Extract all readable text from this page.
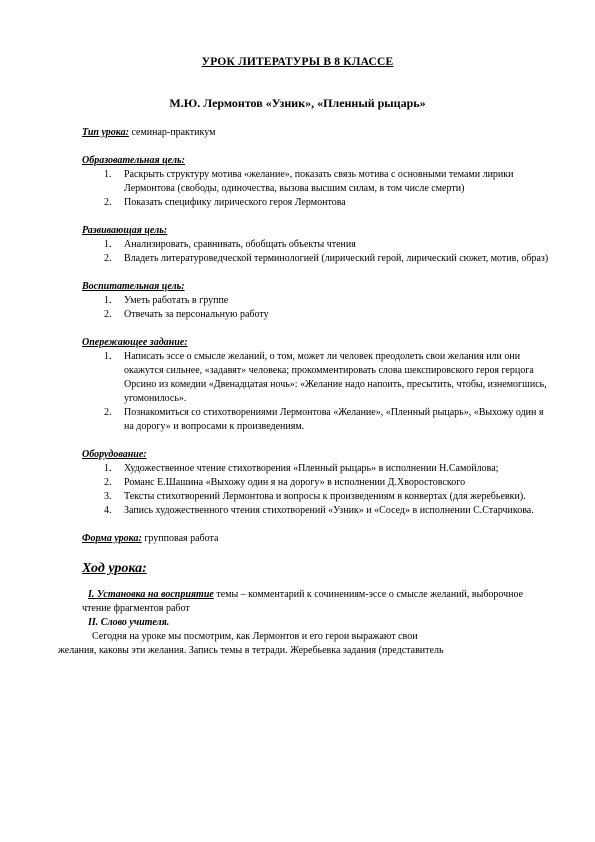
УРОК ЛИТЕРАТУРЫ В 8 КЛАССЕ
М.Ю. Лермонтов «Узник», «Пленный рыцарь»

Тип урока: семинар-практикум

Образовательная цель:

1. Раскрыть структуру мотива «желание», показать связь мотива с основными темами лирики Лермонтова (свободы, одиночества, вызова высшим силам, в том числе смерти)
2. Показать специфику лирического героя Лермонтова

Развивающая цель:

1. Анализировать, сравнивать, обобщать объекты чтения
2. Владеть литературоведческой терминологией (лирический герой, лирический сюжет, мотив, образ)

Воспитательная цель:

1. Уметь работать в группе
2. Отвечать за персональную работу

Опережающее задание:

1. Написать эссе о смысле желаний, о том, может ли человек преодолеть свои желания или они окажутся сильнее, «задавят» человека; прокомментировать слова шекспировского героя герцога Орсино из комедии «Двенадцатая ночь»: «Желание надо напоить, пресытить, чтобы, изнемогшись, угомонилось».
2. Познакомиться со стихотворениями Лермонтова «Желание», «Пленный рыцарь», «Выхожу один я на дорогу» и вопросами к произведениям.

Оборудование:

1. Художественное чтение стихотворения «Пленный рыцарь» в исполнении Н.Самойлова;
2. Романс Е.Шашина «Выхожу один я на дорогу» в исполнении Д.Хворостовского
3. Тексты стихотворений Лермонтова и вопросы к произведениям в конвертах (для жеребьевки).
4. Запись художественного чтения стихотворений «Узник» и «Сосед» в исполнении С.Старчикова.

Форма урока: групповая работа

Ход урока:

I. Установка на восприятие темы – комментарий к сочинениям-эссе о смысле желаний, выборочное чтение фрагментов работ

II. Слово учителя.

Сегодня на уроке мы посмотрим, как Лермонтов и его герои выражают свои

желания, каковы эти желания. Запись темы в тетради. Жеребьевка задания (представитель
